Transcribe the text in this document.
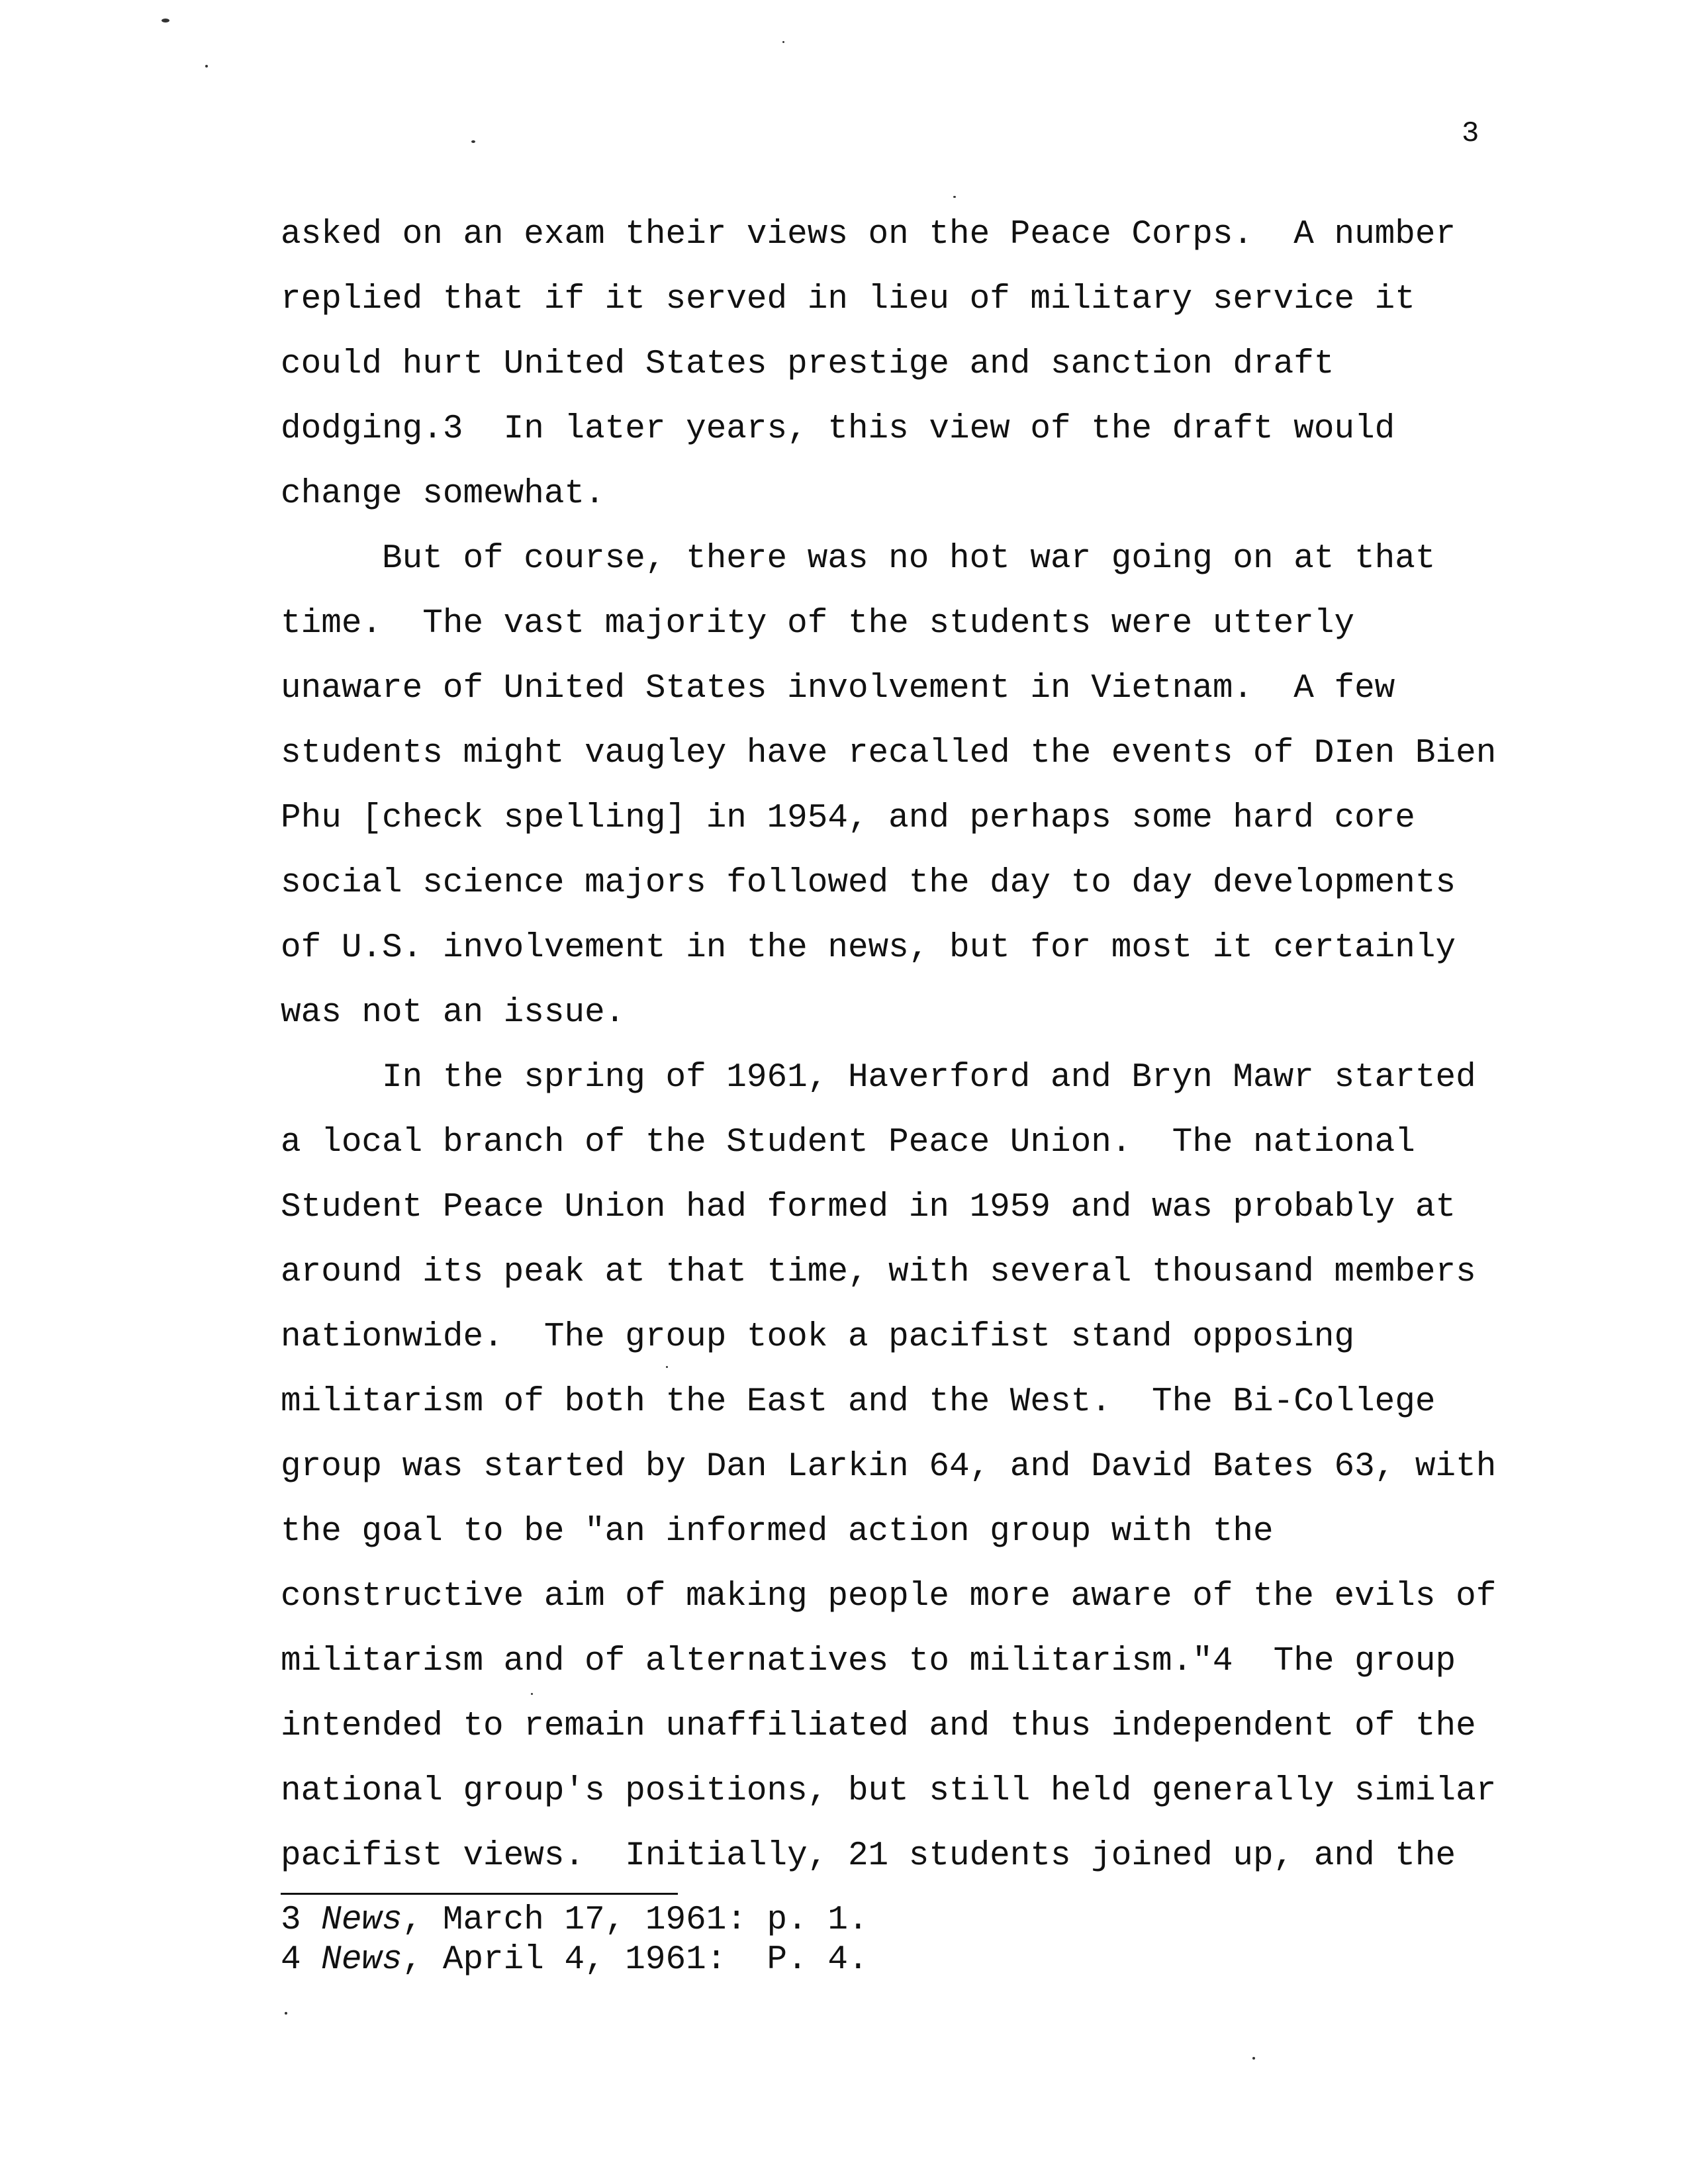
3
asked on an exam their views on the Peace Corps.  A number
replied that if it served in lieu of military service it
could hurt United States prestige and sanction draft
dodging.3  In later years, this view of the draft would
change somewhat.
But of course, there was no hot war going on at that
time.  The vast majority of the students were utterly
unaware of United States involvement in Vietnam.  A few
students might vaugley have recalled the events of DIen Bien
Phu [check spelling] in 1954, and perhaps some hard core
social science majors followed the day to day developments
of U.S. involvement in the news, but for most it certainly
was not an issue.
In the spring of 1961, Haverford and Bryn Mawr started
a local branch of the Student Peace Union.  The national
Student Peace Union had formed in 1959 and was probably at
around its peak at that time, with several thousand members
nationwide.  The group took a pacifist stand opposing
militarism of both the East and the West.  The Bi-College
group was started by Dan Larkin 64, and David Bates 63, with
the goal to be "an informed action group with the
constructive aim of making people more aware of the evils of
militarism and of alternatives to militarism."4  The group
intended to remain unaffiliated and thus independent of the
national group's positions, but still held generally similar
pacifist views.  Initially, 21 students joined up, and the
3 News, March 17, 1961: p. 1.
4 News, April 4, 1961:  P. 4.
